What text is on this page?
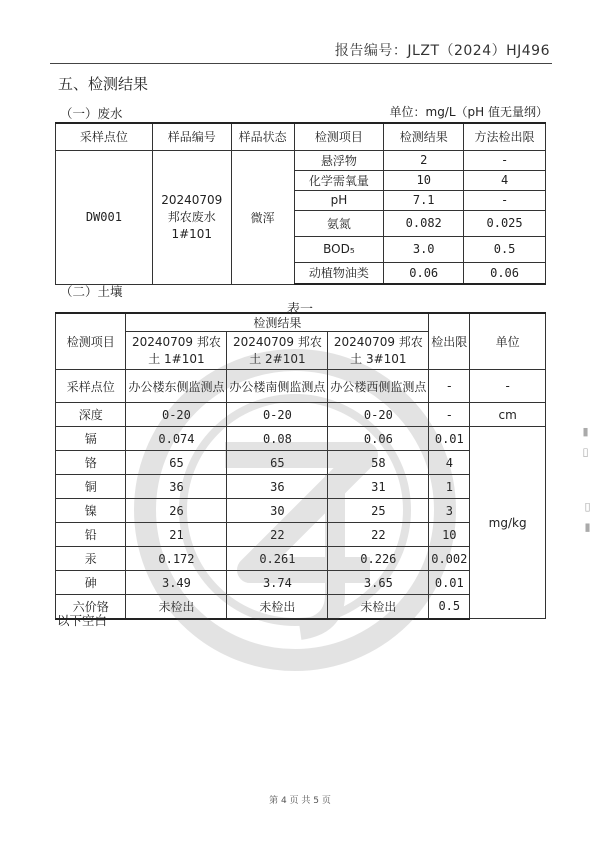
报告编号：JLZT（2024）HJ496
五、检测结果
（一）废水	单位：mg/L（pH 值无量纲）
采样点位	样品编号	样品状态	检测项目	检测结果	方法检出限
DW001	20240709 邦农废水 1#101	微浑	悬浮物	2	-
			化学需氧量	10	4
			pH	7.1	-
			氨氮	0.082	0.025
			BOD₅	3.0	0.5
			动植物油类	0.06	0.06
（二）土壤
表一
检测项目	检测结果			检出限	单位
	20240709 邦农土 1#101	20240709 邦农土 2#101	20240709 邦农土 3#101		
采样点位	办公楼东侧监测点	办公楼南侧监测点	办公楼西侧监测点	-	-
深度	0-20	0-20	0-20	-	cm
镉	0.074	0.08	0.06	0.01	mg/kg
铬	65	65	58	4	
铜	36	36	31	1	
镍	26	30	25	3	
铅	21	22	22	10	
汞	0.172	0.261	0.226	0.002	
砷	3.49	3.74	3.65	0.01	
六价铬	未检出	未检出	未检出	0.5	
以下空白
▮ ▯
▯ ▮
第 4 页 共 5 页
